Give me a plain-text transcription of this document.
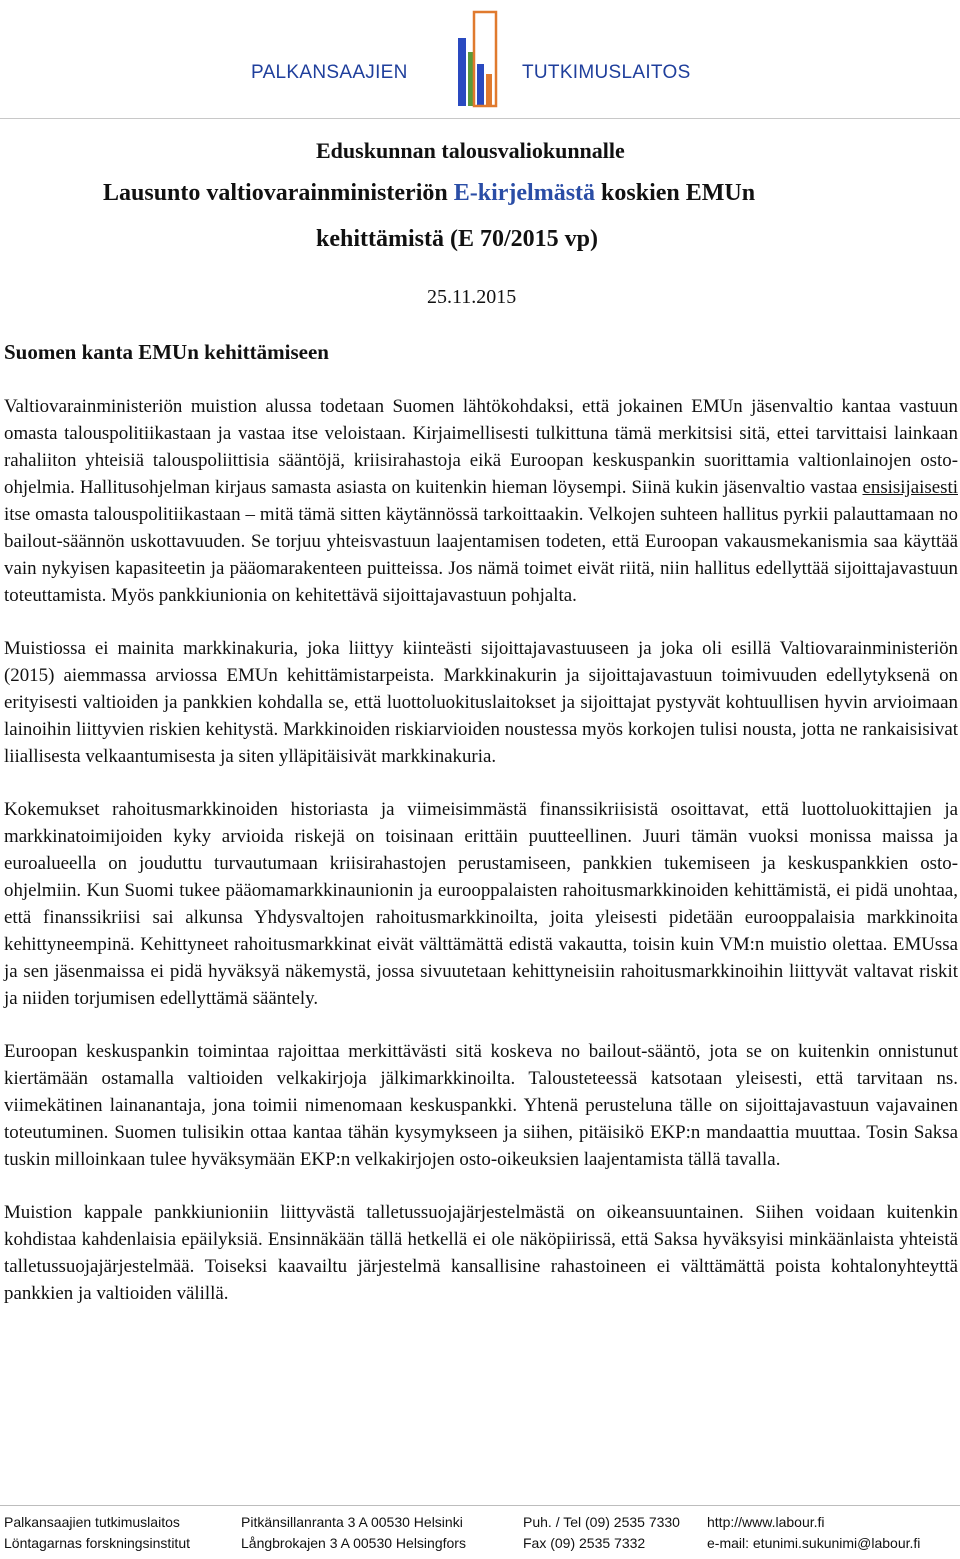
PALKANSAAJIEN	TUTKIMUSLAITOS
Eduskunnan talousvaliokunnalle
Lausunto valtiovarainministeriön E-kirjelmästä koskien EMUn
kehittämistä (E 70/2015 vp)
25.11.2015
Suomen kanta EMUn kehittämiseen

Valtiovarainministeriön muistion alussa todetaan Suomen lähtökohdaksi, että jokainen EMUn jäsenvaltio kantaa vastuun omasta talouspolitiikastaan ja vastaa itse veloistaan. Kirjaimellisesti tulkittuna tämä merkitsisi sitä, ettei tarvittaisi lainkaan rahaliiton yhteisiä talouspoliittisia sääntöjä, kriisirahastoja eikä Euroopan keskuspankin suorittamia valtionlainojen osto-ohjelmia. Hallitusohjelman kirjaus samasta asiasta on kuitenkin hieman löysempi. Siinä kukin jäsenvaltio vastaa ensisijaisesti itse omasta talouspolitiikastaan – mitä tämä sitten käytännössä tarkoittaakin. Velkojen suhteen hallitus pyrkii palauttamaan no bailout-säännön uskottavuuden. Se torjuu yhteisvastuun laajentamisen todeten, että Euroopan vakausmekanismia saa käyttää vain nykyisen kapasiteetin ja pääomarakenteen puitteissa. Jos nämä toimet eivät riitä, niin hallitus edellyttää sijoittajavastuun toteuttamista. Myös pankkiunionia on kehitettävä sijoittajavastuun pohjalta.

Muistiossa ei mainita markkinakuria, joka liittyy kiinteästi sijoittajavastuuseen ja joka oli esillä Valtiovarainministeriön (2015) aiemmassa arviossa EMUn kehittämistarpeista. Markkinakurin ja sijoittajavastuun toimivuuden edellytyksenä on erityisesti valtioiden ja pankkien kohdalla se, että luottoluokituslaitokset ja sijoittajat pystyvät kohtuullisen hyvin arvioimaan lainoihin liittyvien riskien kehitystä. Markkinoiden riskiarvioiden noustessa myös korkojen tulisi nousta, jotta ne rankaisisivat liiallisesta velkaantumisesta ja siten ylläpitäisivät markkinakuria.

Kokemukset rahoitusmarkkinoiden historiasta ja viimeisimmästä finanssikriisistä osoittavat, että luottoluokittajien ja markkinatoimijoiden kyky arvioida riskejä on toisinaan erittäin puutteellinen. Juuri tämän vuoksi monissa maissa ja euroalueella on jouduttu turvautumaan kriisirahastojen perustamiseen, pankkien tukemiseen ja keskuspankkien osto-ohjelmiin. Kun Suomi tukee pääomamarkkinaunionin ja eurooppalaisten rahoitusmarkkinoiden kehittämistä, ei pidä unohtaa, että finanssikriisi sai alkunsa Yhdysvaltojen rahoitusmarkkinoilta, joita yleisesti pidetään eurooppalaisia markkinoita kehittyneempinä. Kehittyneet rahoitusmarkkinat eivät välttämättä edistä vakautta, toisin kuin VM:n muistio olettaa. EMUssa ja sen jäsenmaissa ei pidä hyväksyä näkemystä, jossa sivuutetaan kehittyneisiin rahoitusmarkkinoihin liittyvät valtavat riskit ja niiden torjumisen edellyttämä sääntely.

Euroopan keskuspankin toimintaa rajoittaa merkittävästi sitä koskeva no bailout-sääntö, jota se on kuitenkin onnistunut kiertämään ostamalla valtioiden velkakirjoja jälkimarkkinoilta. Talousteteessä katsotaan yleisesti, että tarvitaan ns. viimekätinen lainanantaja, jona toimii nimenomaan keskuspankki. Yhtenä perusteluna tälle on sijoittajavastuun vajavainen toteutuminen. Suomen tulisikin ottaa kantaa tähän kysymykseen ja siihen, pitäisikö EKP:n mandaattia muuttaa. Tosin Saksa tuskin milloinkaan tulee hyväksymään EKP:n velkakirjojen osto-oikeuksien laajentamista tällä tavalla.

Muistion kappale pankkiunioniin liittyvästä talletussuojajärjestelmästä on oikeansuuntainen. Siihen voidaan kuitenkin kohdistaa kahdenlaisia epäilyksiä. Ensinnäkään tällä hetkellä ei ole näköpiirissä, että Saksa hyväksyisi minkäänlaista yhteistä talletussuojajärjestelmää. Toiseksi kaavailtu järjestelmä kansallisine rahastoineen ei välttämättä poista kohtalonyhteyttä pankkien ja valtioiden välillä.

Palkansaajien tutkimuslaitos	Pitkänsillanranta 3 A 00530 Helsinki	Puh. / Tel (09) 2535 7330 http://www.labour.fi
Löntagarnas forskningsinstitut	Långbrokajen 3 A 00530 Helsingfors	Fax (09) 2535 7332	e-mail: etunimi.sukunimi@labour.fi
